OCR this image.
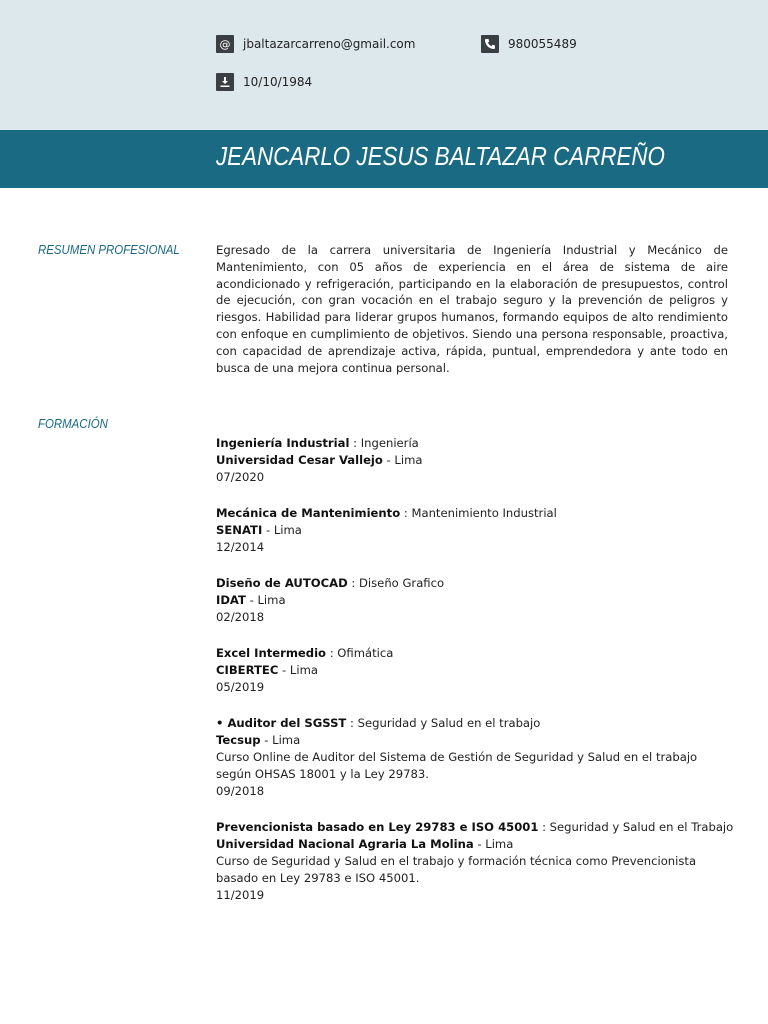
@ jbaltazarcarreno@gmail.com	980055489
10/10/1984
JEANCARLO JESUS BALTAZAR CARREÑO
RESUMEN PROFESIONAL	Egresado de la carrera universitaria de Ingeniería Industrial y Mecánico de Mantenimiento, con 05 años de experiencia en el área de sistema de aire acondicionado y refrigeración, participando en la elaboración de presupuestos, control de ejecución, con gran vocación en el trabajo seguro y la prevención de peligros y riesgos. Habilidad para liderar grupos humanos, formando equipos de alto rendimiento con enfoque en cumplimiento de objetivos. Siendo una persona responsable, proactiva, con capacidad de aprendizaje activa, rápida, puntual, emprendedora y ante todo en busca de una mejora continua personal.
FORMACIÓN
Ingeniería Industrial : Ingeniería
Universidad Cesar Vallejo - Lima
07/2020
Mecánica de Mantenimiento : Mantenimiento Industrial
SENATI - Lima
12/2014
Diseño de AUTOCAD : Diseño Grafico
IDAT - Lima
02/2018
Excel Intermedio : Ofimática
CIBERTEC - Lima
05/2019
• Auditor del SGSST : Seguridad y Salud en el trabajo
Tecsup - Lima
Curso Online de Auditor del Sistema de Gestión de Seguridad y Salud en el trabajo según OHSAS 18001 y la Ley 29783.
09/2018
Prevencionista basado en Ley 29783 e ISO 45001 : Seguridad y Salud en el Trabajo
Universidad Nacional Agraria La Molina - Lima
Curso de Seguridad y Salud en el trabajo y formación técnica como Prevencionista basado en Ley 29783 e ISO 45001.
11/2019
